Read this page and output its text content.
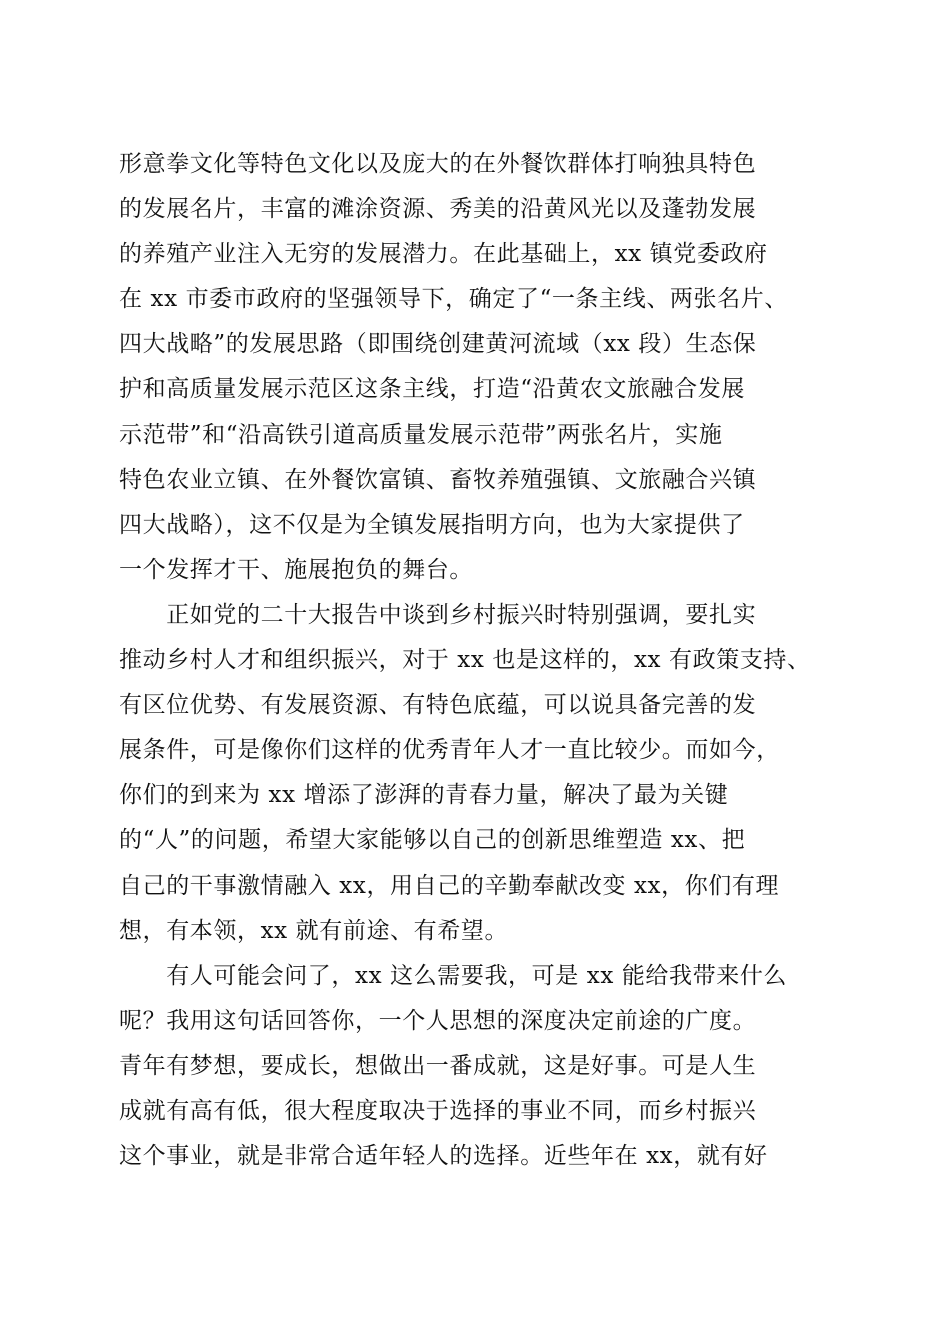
形意拳文化等特色文化以及庞大的在外餐饮群体打响独具特色

的发展名片，丰富的滩涂资源、秀美的沿黄风光以及蓬勃发展

的养殖产业注入无穷的发展潜力。在此基础上，xx 镇党委政府

在 xx 市委市政府的坚强领导下，确定了“一条主线、两张名片、

四大战略”的发展思路（即围绕创建黄河流域（xx 段）生态保

护和高质量发展示范区这条主线，打造“沿黄农文旅融合发展

示范带”和“沿高铁引道高质量发展示范带”两张名片，实施

特色农业立镇、在外餐饮富镇、畜牧养殖强镇、文旅融合兴镇

四大战略），这不仅是为全镇发展指明方向，也为大家提供了

一个发挥才干、施展抱负的舞台。

　　正如党的二十大报告中谈到乡村振兴时特别强调，要扎实

推动乡村人才和组织振兴，对于 xx 也是这样的，xx 有政策支持、

有区位优势、有发展资源、有特色底蕴，可以说具备完善的发

展条件，可是像你们这样的优秀青年人才一直比较少。而如今，

你们的到来为 xx 增添了澎湃的青春力量，解决了最为关键

的“人”的问题，希望大家能够以自己的创新思维塑造 xx、把

自己的干事激情融入 xx，用自己的辛勤奉献改变 xx，你们有理

想，有本领，xx 就有前途、有希望。

　　有人可能会问了，xx 这么需要我，可是 xx 能给我带来什么

呢？我用这句话回答你，一个人思想的深度决定前途的广度。

青年有梦想，要成长，想做出一番成就，这是好事。可是人生

成就有高有低，很大程度取决于选择的事业不同，而乡村振兴

这个事业，就是非常合适年轻人的选择。近些年在 xx，就有好
